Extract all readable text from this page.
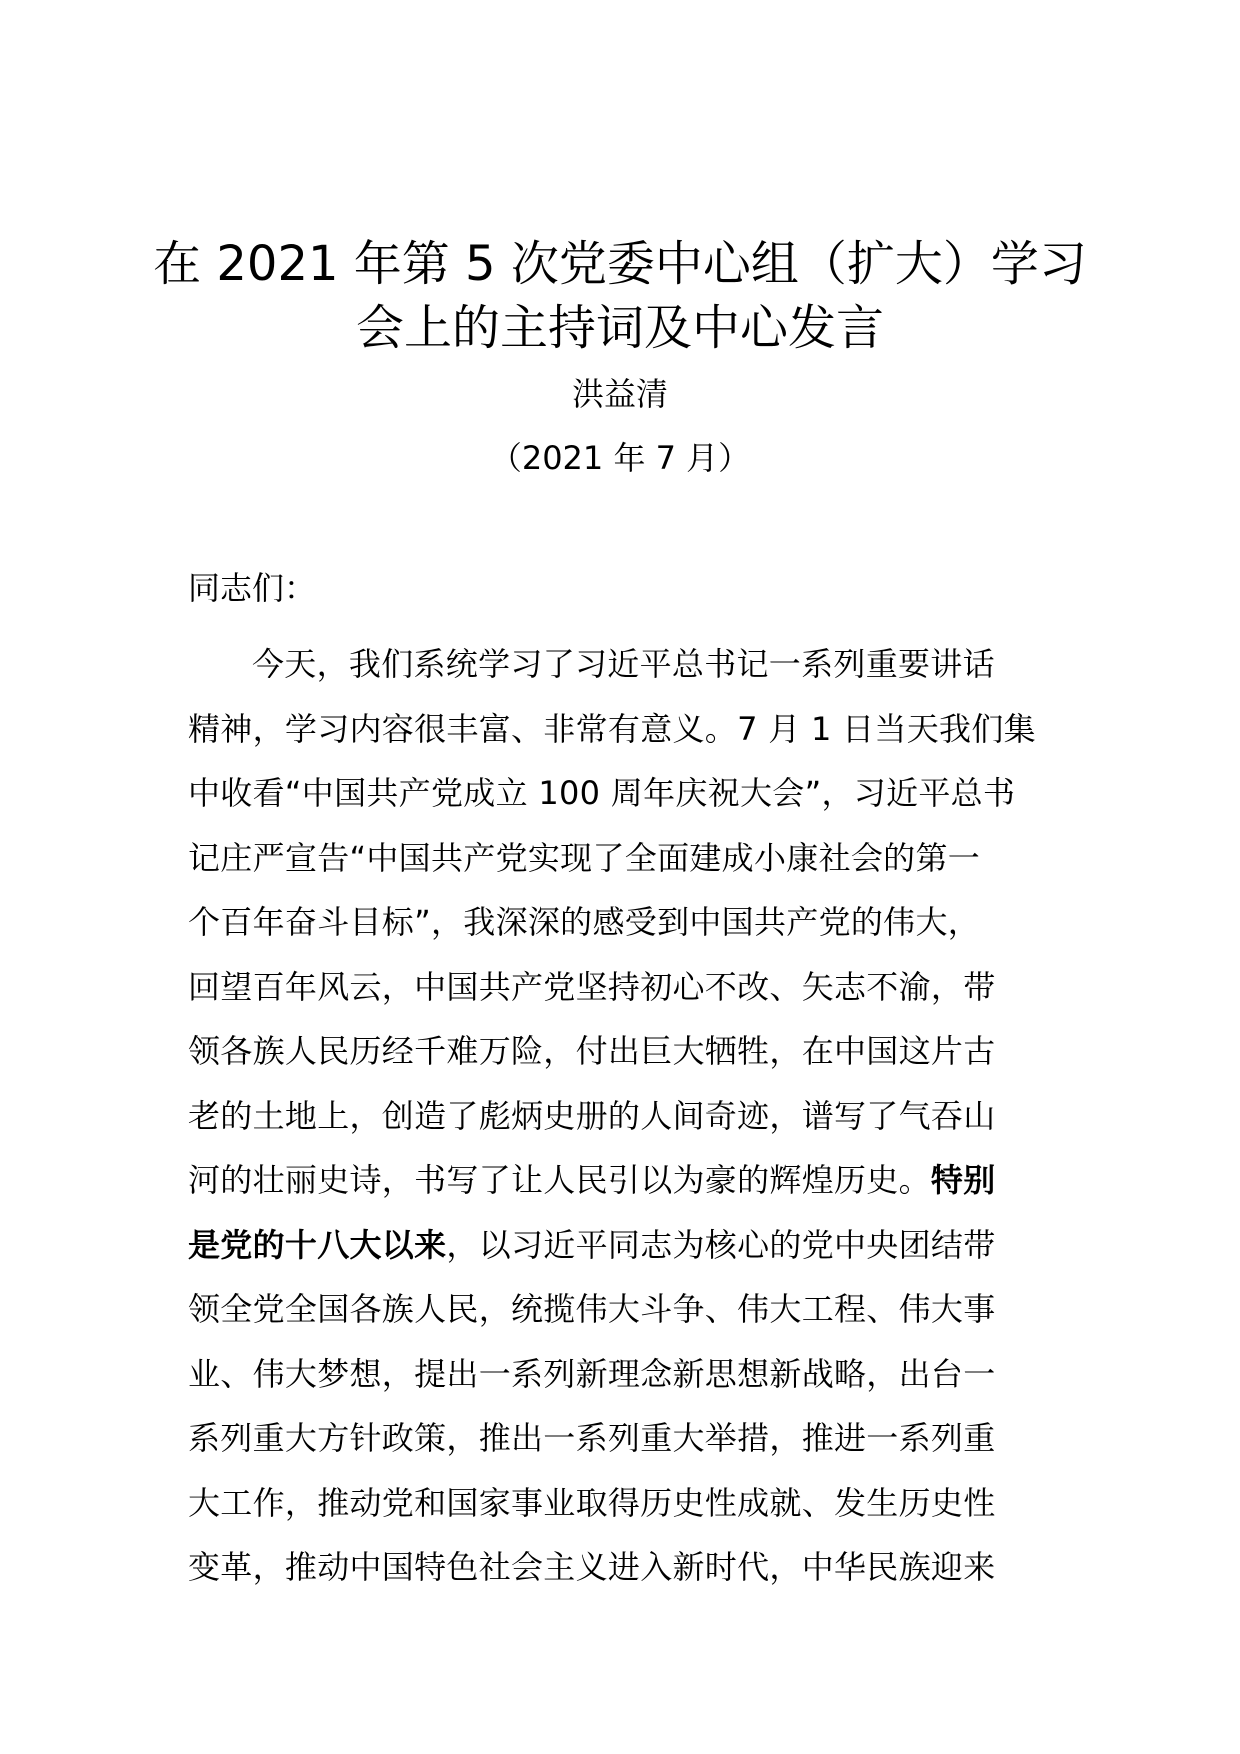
在 2021 年第 5 次党委中心组（扩大）学习
会上的主持词及中心发言
洪益清
（2021 年 7 月）
同志们：
今天，我们系统学习了习近平总书记一系列重要讲话
精神，学习内容很丰富、非常有意义。7 月 1 日当天我们集
中收看“中国共产党成立 100 周年庆祝大会”，习近平总书
记庄严宣告“中国共产党实现了全面建成小康社会的第一
个百年奋斗目标”，我深深的感受到中国共产党的伟大，
回望百年风云，中国共产党坚持初心不改、矢志不渝，带
领各族人民历经千难万险，付出巨大牺牲，在中国这片古
老的土地上，创造了彪炳史册的人间奇迹，谱写了气吞山
河的壮丽史诗，书写了让人民引以为豪的辉煌历史。特别
是党的十八大以来，以习近平同志为核心的党中央团结带
领全党全国各族人民，统揽伟大斗争、伟大工程、伟大事
业、伟大梦想，提出一系列新理念新思想新战略，出台一
系列重大方针政策，推出一系列重大举措，推进一系列重
大工作，推动党和国家事业取得历史性成就、发生历史性
变革，推动中国特色社会主义进入新时代，中华民族迎来
